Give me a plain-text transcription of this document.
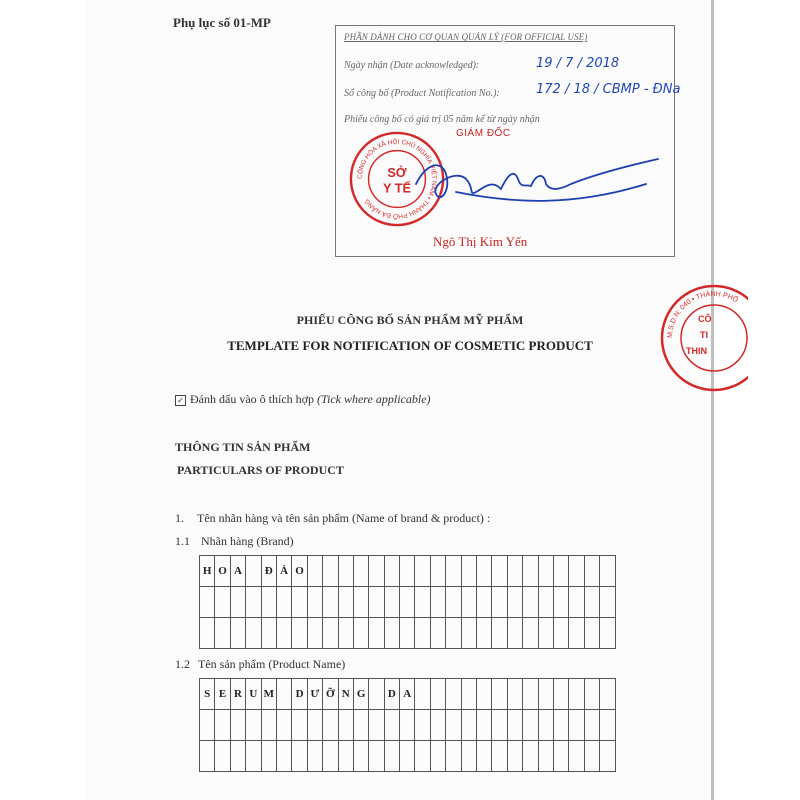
Phụ lục số 01-MP
PHẦN DÀNH CHO CƠ QUAN QUẢN LÝ (FOR OFFICIAL USE)
Ngày nhận (Date acknowledged):	19 / 7 / 2018
Số công bố (Product Notification No.):	172 / 18 / CBMP - ĐNa
Phiếu công bố có giá trị 05 năm kể từ ngày nhận
GIÁM ĐỐC
CỘNG HÒA XÃ HỘI CHỦ NGHĨA VIỆT NAM • THÀNH PHỐ ĐÀ NẴNG
SỞ
Y TẾ
Ngô Thị Kim Yến
M.S.D.N: 040 • THÀNH PHỐ
CÔ
TI
THIN
PHIẾU CÔNG BỐ SẢN PHẨM MỸ PHẨM
TEMPLATE FOR NOTIFICATION OF COSMETIC PRODUCT
✓ Đánh dấu vào ô thích hợp (Tick where applicable)
THÔNG TIN SẢN PHẨM
PARTICULARS OF PRODUCT
1. Tên nhãn hàng và tên sản phẩm (Name of brand & product) :
1.1 Nhãn hàng (Brand)
H O A	Đ Ả O
1.2 Tên sản phẩm (Product Name)
S E R U M D Ư Ỡ N G	D A
